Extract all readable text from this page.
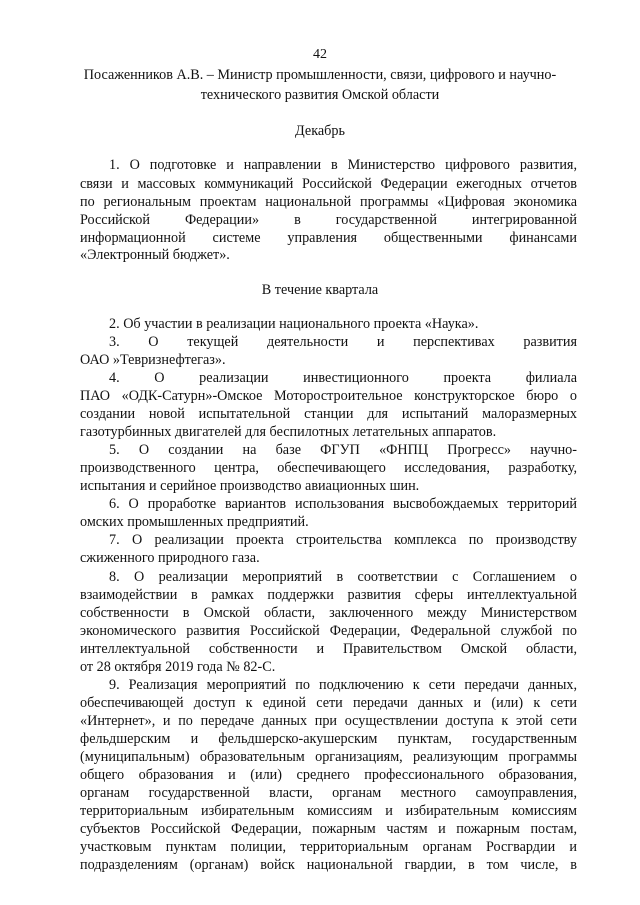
42
Посаженников А.В. – Министр промышленности, связи, цифрового и научно-
технического развития Омской области
Декабрь
1. О подготовке и направлении в Министерство цифрового развития,
связи и массовых коммуникаций Российской Федерации ежегодных отчетов
по региональным проектам национальной программы «Цифровая экономика
Российской Федерации» в государственной интегрированной
информационной системе управления общественными финансами
«Электронный бюджет».
В течение квартала
2. Об участии в реализации национального проекта «Наука».
3. О текущей деятельности и перспективах развития
ОАО »Тевризнефтегаз».
4. О реализации инвестиционного проекта филиала
ПАО «ОДК-Сатурн»-Омское Моторостроительное конструкторское бюро о
создании новой испытательной станции для испытаний малоразмерных
газотурбинных двигателей для беспилотных летательных аппаратов.
5. О создании на базе ФГУП «ФНПЦ Прогресс» научно-
производственного центра, обеспечивающего исследования, разработку,
испытания и серийное производство авиационных шин.
6. О проработке вариантов использования высвобождаемых территорий
омских промышленных предприятий.
7. О реализации проекта строительства комплекса по производству
сжиженного природного газа.
8. О реализации мероприятий в соответствии с Соглашением о
взаимодействии в рамках поддержки развития сферы интеллектуальной
собственности в Омской области, заключенного между Министерством
экономического развития Российской Федерации, Федеральной службой по
интеллектуальной собственности и Правительством Омской области,
от 28 октября 2019 года № 82-С.
9. Реализация мероприятий по подключению к сети передачи данных,
обеспечивающей доступ к единой сети передачи данных и (или) к сети
«Интернет», и по передаче данных при осуществлении доступа к этой сети
фельдшерским и фельдшерско-акушерским пунктам, государственным
(муниципальным) образовательным организациям, реализующим программы
общего образования и (или) среднего профессионального образования,
органам государственной власти, органам местного самоуправления,
территориальным избирательным комиссиям и избирательным комиссиям
субъектов Российской Федерации, пожарным частям и пожарным постам,
участковым пунктам полиции, территориальным органам Росгвардии и
подразделениям (органам) войск национальной гвардии, в том числе, в
